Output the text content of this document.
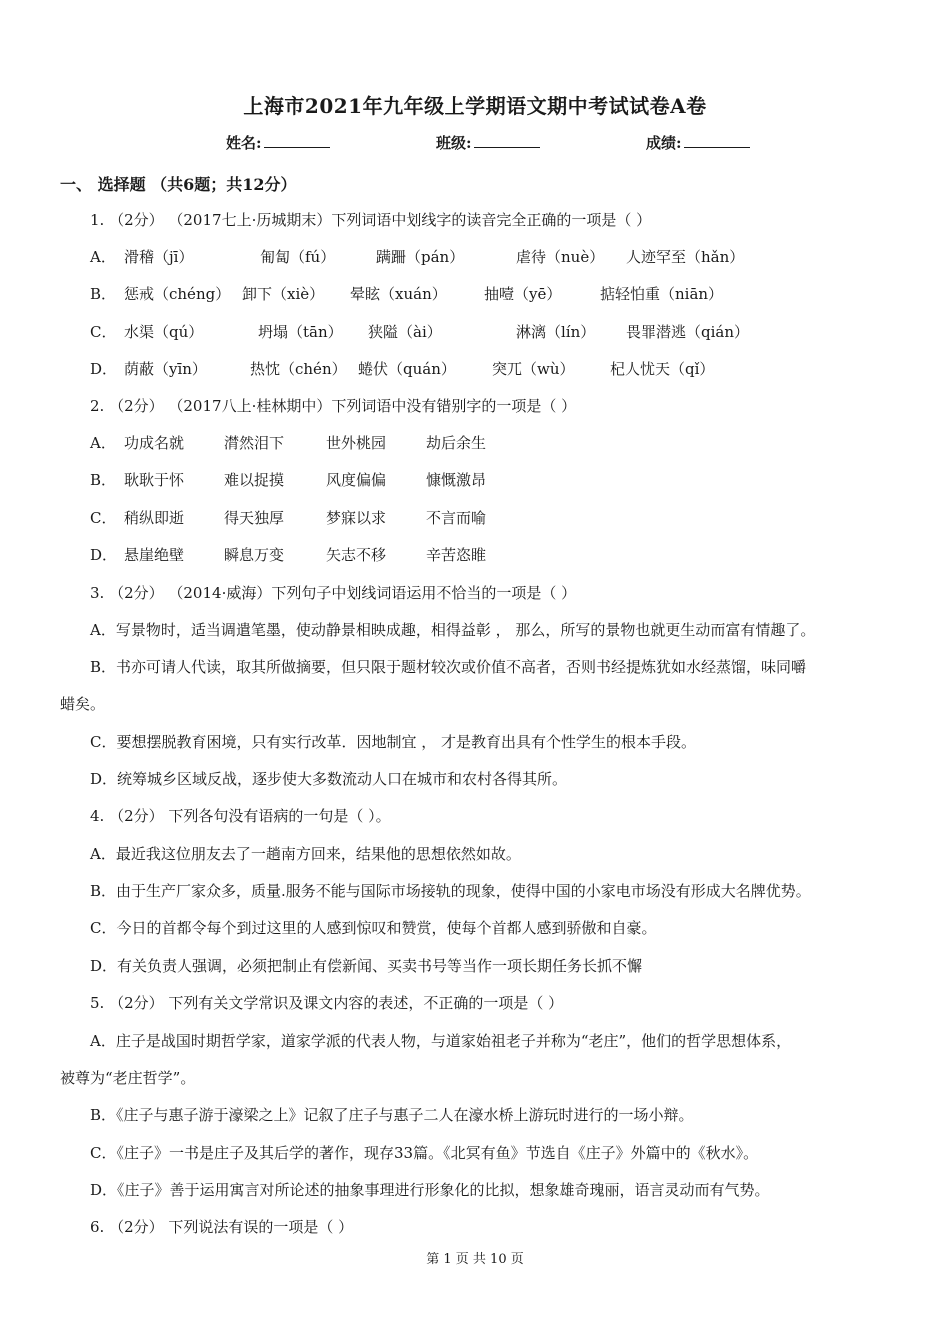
上海市2021年九年级上学期语文期中考试试卷A卷
姓名:	班级:	成绩:
一、 选择题 （共6题；共12分）
1. （2分） （2017七上·历城期末）下列词语中划线字的读音完全正确的一项是（ ）
A． 滑稽（jī）	匍匐（fú）	蹒跚（pán）	虐待（nuè） 人迹罕至（hǎn）
B． 惩戒（chéng） 卸下（xiè） 晕眩（xuán） 抽噎（yē）	掂轻怕重（niān）
C． 水渠（qú）	坍塌（tān） 狭隘（ài）	淋漓（lín） 畏罪潜逃（qián）
D． 荫蔽（yīn）	热忱（chén） 蜷伏（quán） 突兀（wù） 杞人忧天（qǐ）
2. （2分） （2017八上·桂林期中）下列词语中没有错别字的一项是（ ）
A． 功成名就	潸然泪下	世外桃园	劫后余生
B． 耿耿于怀	难以捉摸	风度偏偏	慷慨激昂
C． 稍纵即逝	得天独厚	梦寐以求	不言而喻
D． 悬崖绝壁	瞬息万变	矢志不移	辛苦恣睢
3. （2分） （2014·威海）下列句子中划线词语运用不恰当的一项是（ ）
A．写景物时，适当调遣笔墨，使动静景相映成趣，相得益彰 ， 那么，所写的景物也就更生动而富有情趣了。
B．书亦可请人代读，取其所做摘要，但只限于题材较次或价值不高者，否则书经提炼犹如水经蒸馏，味同嚼
蜡矣。
C．要想摆脱教育困境，只有实行改革．因地制宜 ， 才是教育出具有个性学生的根本手段。
D．统筹城乡区域反战，逐步使大多数流动人口在城市和农村各得其所。
4. （2分） 下列各句没有语病的一句是（ ）。
A．最近我这位朋友去了一趟南方回来，结果他的思想依然如故。
B．由于生产厂家众多，质量.服务不能与国际市场接轨的现象，使得中国的小家电市场没有形成大名牌优势。
C．今日的首都令每个到过这里的人感到惊叹和赞赏，使每个首都人感到骄傲和自豪。
D．有关负责人强调，必须把制止有偿新闻、买卖书号等当作一项长期任务长抓不懈
5. （2分） 下列有关文学常识及课文内容的表述，不正确的一项是（ ）
A．庄子是战国时期哲学家，道家学派的代表人物，与道家始祖老子并称为“老庄”，他们的哲学思想体系，
被尊为“老庄哲学”。
B．《庄子与惠子游于濠梁之上》记叙了庄子与惠子二人在濠水桥上游玩时进行的一场小辩。
C．《庄子》一书是庄子及其后学的著作，现存33篇。《北冥有鱼》节选自《庄子》外篇中的《秋水》。
D．《庄子》善于运用寓言对所论述的抽象事理进行形象化的比拟，想象雄奇瑰丽，语言灵动而有气势。
6. （2分） 下列说法有误的一项是（ ）
第 1 页 共 10 页
